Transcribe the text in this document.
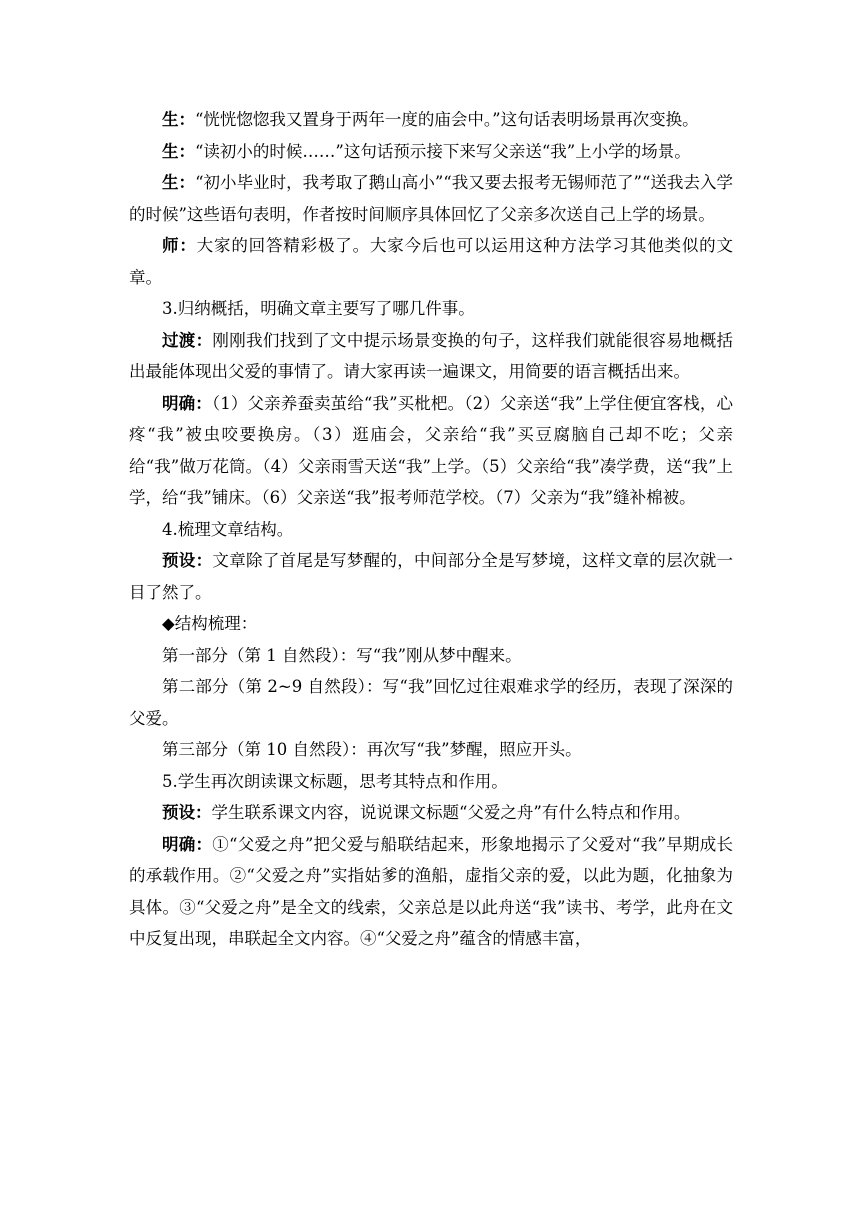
生：“恍恍惚惚我又置身于两年一度的庙会中。”这句话表明场景再次变换。

生：“读初小的时候……”这句话预示接下来写父亲送“我”上小学的场景。

生：“初小毕业时，我考取了鹅山高小”“我又要去报考无锡师范了”“送我去入学的时候”这些语句表明，作者按时间顺序具体回忆了父亲多次送自己上学的场景。

师：大家的回答精彩极了。大家今后也可以运用这种方法学习其他类似的文章。

3.归纳概括，明确文章主要写了哪几件事。

过渡：刚刚我们找到了文中提示场景变换的句子，这样我们就能很容易地概括出最能体现出父爱的事情了。请大家再读一遍课文，用简要的语言概括出来。

明确：（1）父亲养蚕卖茧给“我”买枇杷。（2）父亲送“我”上学住便宜客栈，心疼“我”被虫咬要换房。（3）逛庙会，父亲给“我”买豆腐脑自己却不吃；父亲给“我”做万花筒。（4）父亲雨雪天送“我”上学。（5）父亲给“我”凑学费，送“我”上学，给“我”铺床。（6）父亲送“我”报考师范学校。（7）父亲为“我”缝补棉被。

4.梳理文章结构。

预设：文章除了首尾是写梦醒的，中间部分全是写梦境，这样文章的层次就一目了然了。

◆结构梳理：

第一部分（第 1 自然段）：写“我”刚从梦中醒来。

第二部分（第 2~9 自然段）：写“我”回忆过往艰难求学的经历，表现了深深的父爱。

第三部分（第 10 自然段）：再次写“我”梦醒，照应开头。

5.学生再次朗读课文标题，思考其特点和作用。

预设：学生联系课文内容，说说课文标题“父爱之舟”有什么特点和作用。

明确：①“父爱之舟”把父爱与船联结起来，形象地揭示了父爱对“我”早期成长的承载作用。②“父爱之舟”实指姑爹的渔船，虚指父亲的爱，以此为题，化抽象为具体。③“父爱之舟”是全文的线索，父亲总是以此舟送“我”读书、考学，此舟在文中反复出现，串联起全文内容。④“父爱之舟”蕴含的情感丰富，
